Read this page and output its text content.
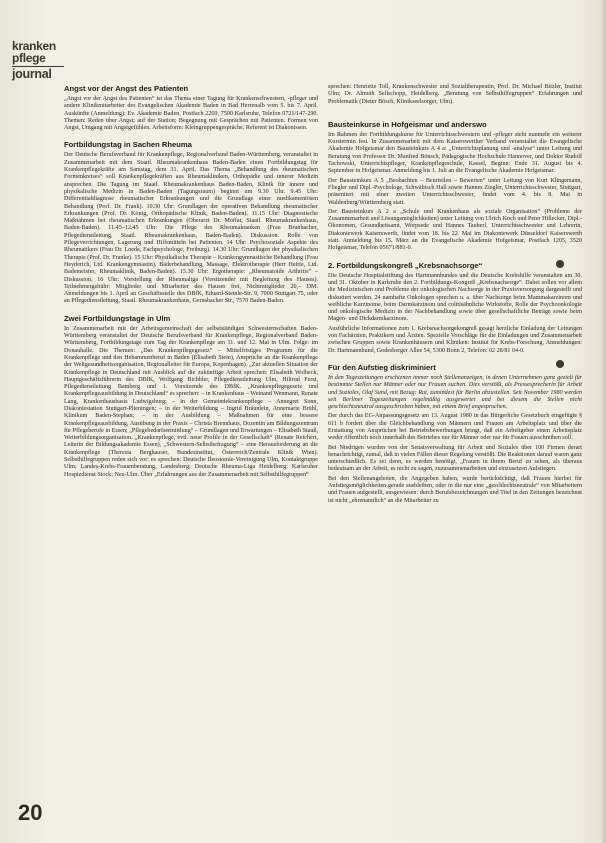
kranken
pflege
journal
Angst vor der Angst des Patienten

„Angst vor der Angst des Patienten“ ist das Thema einer Tagung für Krankenschwestern, -pfleger und andere Klinikmitarbeiter des Evangelischen Akademie Baden in Bad Herrenalb vom 5. bis 7. April. Auskünfte (Anmeldung): Ev. Akademie Baden, Postfach 2269, 7500 Karlsruhe, Telefon 0721/147-290. Themen: Reden über Angst; auf der Station; Begegnung mit Gesprächen mit Patienten. Formen von Angst, Umgang mit Angstgefühlen. Arbeitsform: Kleingruppengespräche. Referent ist Diakonissen.

Fortbildungstag in Sachen Rheuma

Der Deutsche Berufsverband für Krankenpflege, Regionalverband Baden-Württemberg, veranstaltet in Zusammenarbeit mit dem Staatl. Rheumakrankenhaus Baden-Baden einen Fortbildungstag für Krankenpflegekräfte am Samstag, dem 31. April. Das Thema „Behandlung des rheumatischen Formenkreises“ soll Krankenpflegekräften aus Rheumakliniken, Orthopädie und innerer Medizin ansprechen. Die Tagung im Staatl. Rheumakrankenhaus Baden-Baden, Klinik für innere und physikalische Medizin in Baden-Baden (Tagungsraum) beginnt um 9.30 Uhr. 9.45 Uhr: Differentialdiagnose rheumatischer Erkrankungen und die Grundlage einer medikamentösen Behandlung (Prof. Dr. Frank). 10.30 Uhr: Grundlagen der operativen Behandlung rheumatischer Erkrankungen (Prof. Dr. König, Orthopädische Klinik, Baden-Baden). 11.15 Uhr: Diagnostische Maßnahmen bei rheumatischen Erkrankungen (Oberarzt Dr. Moffat, Staatl. Rheumakrankenhaus, Baden-Baden). 11.45–12.45 Uhr: Die Pflege des Rheumakranken (Frau Brunbacher, Pflegedienstleitung, Staatl. Rheumakrankenhaus, Baden-Baden). Diskussion. Rolle von Pflegeverrichtungen, Lagerung und Hilfsmitteln bei Patienten. 14 Uhr: Psychosoziale Aspekte des Rheumatikers (Frau Dr. Loeda, Fachpsychologe, Freiburg). 14.30 Uhr: Grundlagen der physikalischen Therapie (Prof. Dr. Franke). 15 Uhr: Physikalische Therapie – Krankengymnastische Behandlung (Frau Heyderich, Ltd. Krankengymnastin). Bäderbehandlung, Massage, Elektrotherapie (Herr Heirte, Ltd. Bademeister, Rheumaklinik, Baden-Baden). 15.30 Uhr: Ergotherapie: „Rheumatoide Arthritis“ – Diskussion. 16 Uhr: Vorstellung der Rheumaliga (Vorsitzender mit Begleitung des Hauses). Teilnehmergebühr: Mitglieder und Mitarbeiter des Hauses frei, Nichtmitglieder 20,– DM. Anmeldungen bis 1. April an Geschäftsstelle des DBfK, Eduard-Steinle-Str. 9, 7000 Stuttgart 75, oder an Pflegedienstleitung, Staatl. Rheumakrankenhaus, Gernsbacher Str., 7570 Baden-Baden.

Zwei Fortbildungstage in Ulm

In Zusammenarbeit mit der Arbeitsgemeinschaft der selbstständigen Schwesternschaften Baden-Württemberg veranstaltet der Deutsche Berufsverband für Krankenpflege, Regionalverband Baden-Württemberg, Fortbildungstage zum Tag der Krankenpflege am 11. und 12. Mai in Ulm. Folge: im Donauhalle. Die Themen: „Das Krankenpflegegesetz“ – Mittelfristiges Programm für die Krankenpflege und den Hebammenberuf in Baden (Elisabeth Stein), Ansprüche an die Krankenpflege der Weltgesundheitsorganisation, Regionalleiter für Europa, Kopenhagen). „Zur aktuellen Situation der Krankenpflege in Deutschland mit Ausblick auf die zukünftige Arbeit sprechen: Elisabeth Wolbeck, Hauptgeschäftsführerin des DBfK, Wolfgang Bichbler, Pflegedienstleitung Ulm, Hiltrud Ferst, Pflegedienstleitung Bamberg und 1. Vorsitzende des DBfK. „Krankenpflegegesetz und Krankenpflegeausbildung in Deutschland“ es sprechen: – in Krankenhaus – Weinand Wenmann, Renate Lang, Krankenhausbasis Ludwigsburg; – in der Gemeindekrankenpflege – Annegret Sonn, Diakoniestation Stuttgart-Plieningen; – in der Weiterbildung – Ingrid Bräunlein, Annemarie Brühl, Klinikum Baden-Stephan; – in der Ausbildung – Maßnahmen für eine bessere Krankenpflegeausbildung, Ausübung in der Praxis – Christa Brennhaus, Dozentin am Bildungszentrum für Pflegeberufe in Essen; „Pflegebedarfsermittlung“ – Grundlagen und Erwartungen – Elisabeth Stauß, Weiterbildungsorganisation. „Krankenpflege, evtl. neue Profile in der Gesellschaft“ (Renate Reichert, Leiterin der Bildungsakademie Essen), „Schwestern-Selbstbefragung“ – eine Herausforderung an die Krankenpflege (Theresia Berghauser, Bundesinstitut, Österreich/Zentrale Klinik Wien). Selbsthilfegruppen reden sich vor: es sprechen: Deutsche Ileostomie-Vereinigung Ulm, Kontaktgruppe Ulm; Landes-Krebs-Frauenberatung, Landesberg; Deutsche Rheuma-Liga Heidelberg; Karlsruher Hospizdienst Stock; Neu-Ulm. Über „Erfahrungen aus der Zusammenarbeit mit Selbsthilfegruppen“

sprechen: Henriette Toll, Krankenschwester und Sozialtherapeutin, Prof. Dr. Michael Bitzler, Institut Ulm; Dr. Almuth Sellschopp, Heidelberg. „Beratung von Selbsthilfegruppen“ Erfahrungen und Problematik (Dieter Bösch, Klinikseelsorger, Ulm).

Bausteinkurse in Hofgeismar und anderswo

Im Rahmen der Fortbildungskurse für Unterrichtsschwestern und -pfleger steht nunmehr ein weiterer Kurstermin fest. In Zusammenarbeit mit dem Kaiserswerther Verband veranstaltet die Evangelische Akademie Hofgeismar den Bausteinkurs A 4 a: „Unterrichtsplanung und -analyse“ unter Leitung und Beratung von Professor Dr. Manfred Bönsch, Pädagogische Hochschule Hannover, und Doktor Rudolf Tachowski, Unterrichtspfleger, Krankenpflegeschule, Kassel, Beginn: Ende 31. August bis 4. September in Hofgeismar. Anmeldung bis 1. Juli an die Evangelische Akademie Hofgeismar.

Der Bausteinkurs A 5 „Beobachten – Beurteilen – Bewerten“ unter Leitung von Kurt Klingemann, Fliegler und Dipl.-Psychologe, Schwäbisch Hall sowie Hannes Ziegler, Unterrichtsschwester, Stuttgart, präsentiert mit einer zweiten Unterrichtsschwester, findet vom 4. bis 8. Mai in Waldenburg/Württemberg statt.

Der Bausteinkurs A 2 a „Schule und Krankenhaus als soziale Organisation“ (Probleme der Zusammenarbeit und Lösungsmöglichkeiten) unter Leitung von Ulrich Koch und Peter Hillecker, Dipl.-Ökonomen, Gesundheitsamt, Worpsede und Hannes Tauberl, Unterrichtsschwester und Lehrerin, Diakoniewerk Kaiserswerth, findet vom 18. bis 22. Mai im Diakoniewerk Düsseldorf Kaiserswerth statt. Anmeldung bis 15. März an die Evangelische Akademie Hofgeismar, Postfach 1205, 3520 Hofgeismar, Telefon 05671/881-0.

2. Fortbildungskongreß „Krebsnachsorge“

Die Deutsche Hospitalstiftung des Hartmannbundes und die Deutsche Krebshilfe veranstalten am 30. und 31. Oktober in Karlsruhe den 2. Fortbildungs-Kongreß „Krebsnachsorge“. Dabei sollen vor allem die Medizinischen und Probleme der onkologischen Nachsorge in der Praxisversorgung dargestellt und diskutiert werden. 24 namhafte Onkologen sprechen u. a. über Nachsorge beim Mammakarzinom und weibliche Karzinome, beim Darmkarzinom und colitisähnliche Wirkstoffe, Rolle der Psychoonkologie und onkologische Medizin in der Nachbehandlung sowie über gesellschaftliche Beträge sowie beim Magen- und Dickdarmkarzinom.

Ausführliche Informationen zum 1. Krebsnachsorgekongreß gesagt herzliche Einladung der Leitungen von Fachärzten, Praktikern und Ärzten. Spezielle Vorschläge für die Einladungen und Zusammenarbeit zwischen Gruppen sowie Krankenhäusern und Kliniken: Institut für Krebs-Forschung, Anmeldungen: Dr. Hartmannbund, Godesberger Allee 54, 5300 Bonn 2, Telefon: 02 28/81 04-0.

Für den Aufstieg diskriminiert

In den Tageszeitungen erschienen immer noch Stellenanzeigen, in denen Unternehmen ganz gezielt für bestimmte Stellen nur Männer oder nur Frauen suchen. Dies verstößt, als Pressesprecherin für Arbeit und Soziales, Olaf Sund, mit Bezug: Rat, zumindest für Berlin abzustellen. Seit November 1980 werden seit Berliner Tageszeitungen regelmäßig ausgewertet und bei diesem die Stellen nicht geschlechtsneutral ausgeschrieben haben, mit einem Brief angesprochen.

Der durch das EG-Anpassungsgesetz am 13. August 1980 in das Bürgerliche Gesetzbuch eingefügte § 611 b fordert über die Gleichbehandlung von Männern und Frauen am Arbeitsplatz und über die Erstattung von Ansprüchen bei Betriebsbewerbungen bringt, daß ein Arbeitgeber einen Arbeitsplatz weder öffentlich noch innerhalb des Betriebes nur für Männer oder nur für Frauen ausschreiben soll.

Bei Niedrigen wurden von der Senatsverwaltung für Arbeit und Soziales über 100 Firmen derart benachrichtigt, zumal, daß in vielen Fällen dieser Regelung verstößt. Die Reaktionen darauf waren ganz unterschiedlich. Es sei denn, es werden benötigt, „Frauen in ihrem Beruf zu sehen, als überaus bedeutsam an der Arbeit, es nicht zu sagen, zuzusammenarbeiten und einzusetzen Aufstiegen.

Bei den Stellenangeboten, die Angegeben haben, wurde berücksichtigt, daß Frauen hierbei für Aufstiegsmöglichkeiten gerade ausbleiben, oder in die nur eine „geschlechtsneutrale“ von Mitarbeitern und Frauen aufgestellt, ausgewiesen: durch Berufsbezeichnungen und Titel in den Zeitungen bezeichnet ist nicht „ehrenamtlich“ an die Mitarbeiter zu

20
